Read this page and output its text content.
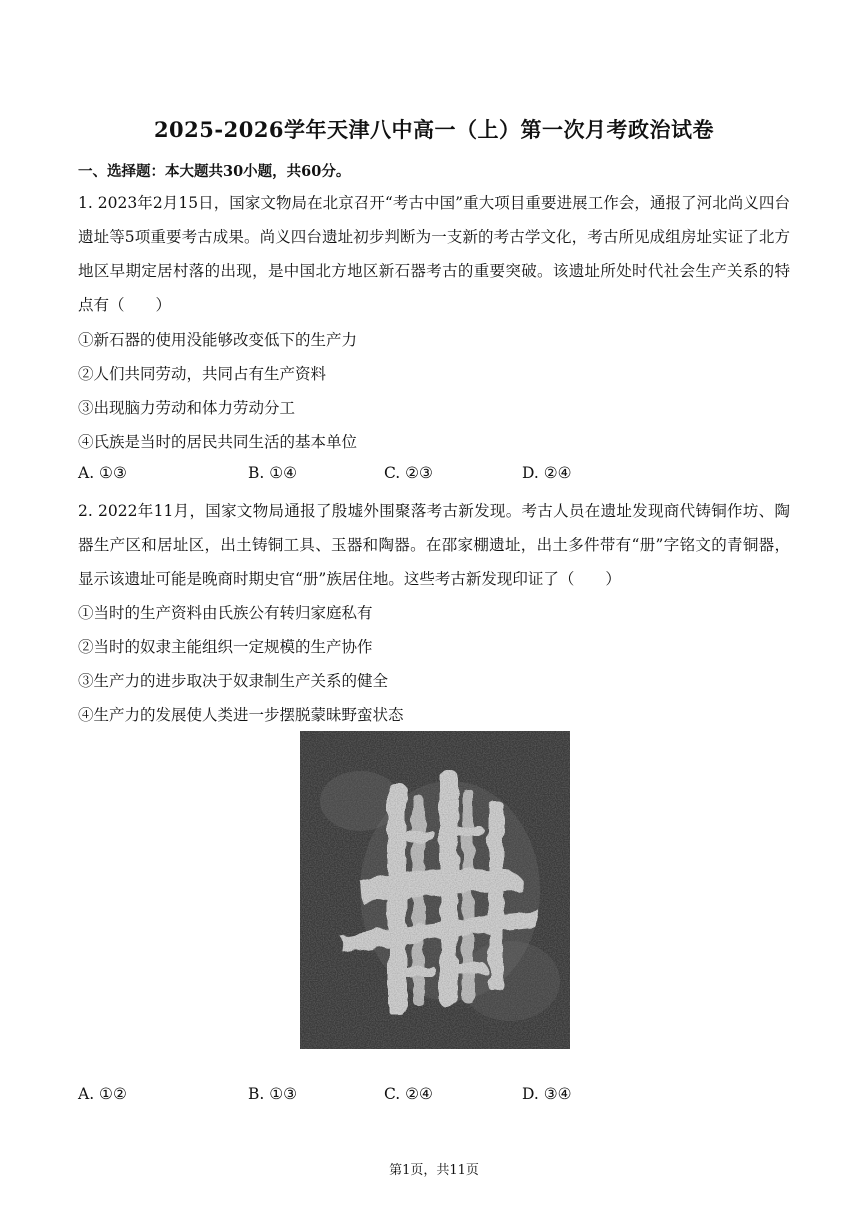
2025-2026学年天津八中高一（上）第一次月考政治试卷
一、选择题：本大题共30小题，共60分。
1. 2023年2月15日，国家文物局在北京召开“考古中国”重大项目重要进展工作会，通报了河北尚义四台遗址等5项重要考古成果。尚义四台遗址初步判断为一支新的考古学文化，考古所见成组房址实证了北方地区早期定居村落的出现，是中国北方地区新石器考古的重要突破。该遗址所处时代社会生产关系的特点有（　　）
①新石器的使用没能够改变低下的生产力
②人们共同劳动，共同占有生产资料
③出现脑力劳动和体力劳动分工
④氏族是当时的居民共同生活的基本单位
A. ①③	B. ①④	C. ②③	D. ②④
2. 2022年11月，国家文物局通报了殷墟外围聚落考古新发现。考古人员在遗址发现商代铸铜作坊、陶器生产区和居址区，出土铸铜工具、玉器和陶器。在邵家棚遗址，出土多件带有“册”字铭文的青铜器，显示该遗址可能是晚商时期史官“册”族居住地。这些考古新发现印证了（　　）
①当时的生产资料由氏族公有转归家庭私有
②当时的奴隶主能组织一定规模的生产协作
③生产力的进步取决于奴隶制生产关系的健全
④生产力的发展使人类进一步摆脱蒙昧野蛮状态
A. ①②	B. ①③	C. ②④	D. ③④
第1页，共11页
